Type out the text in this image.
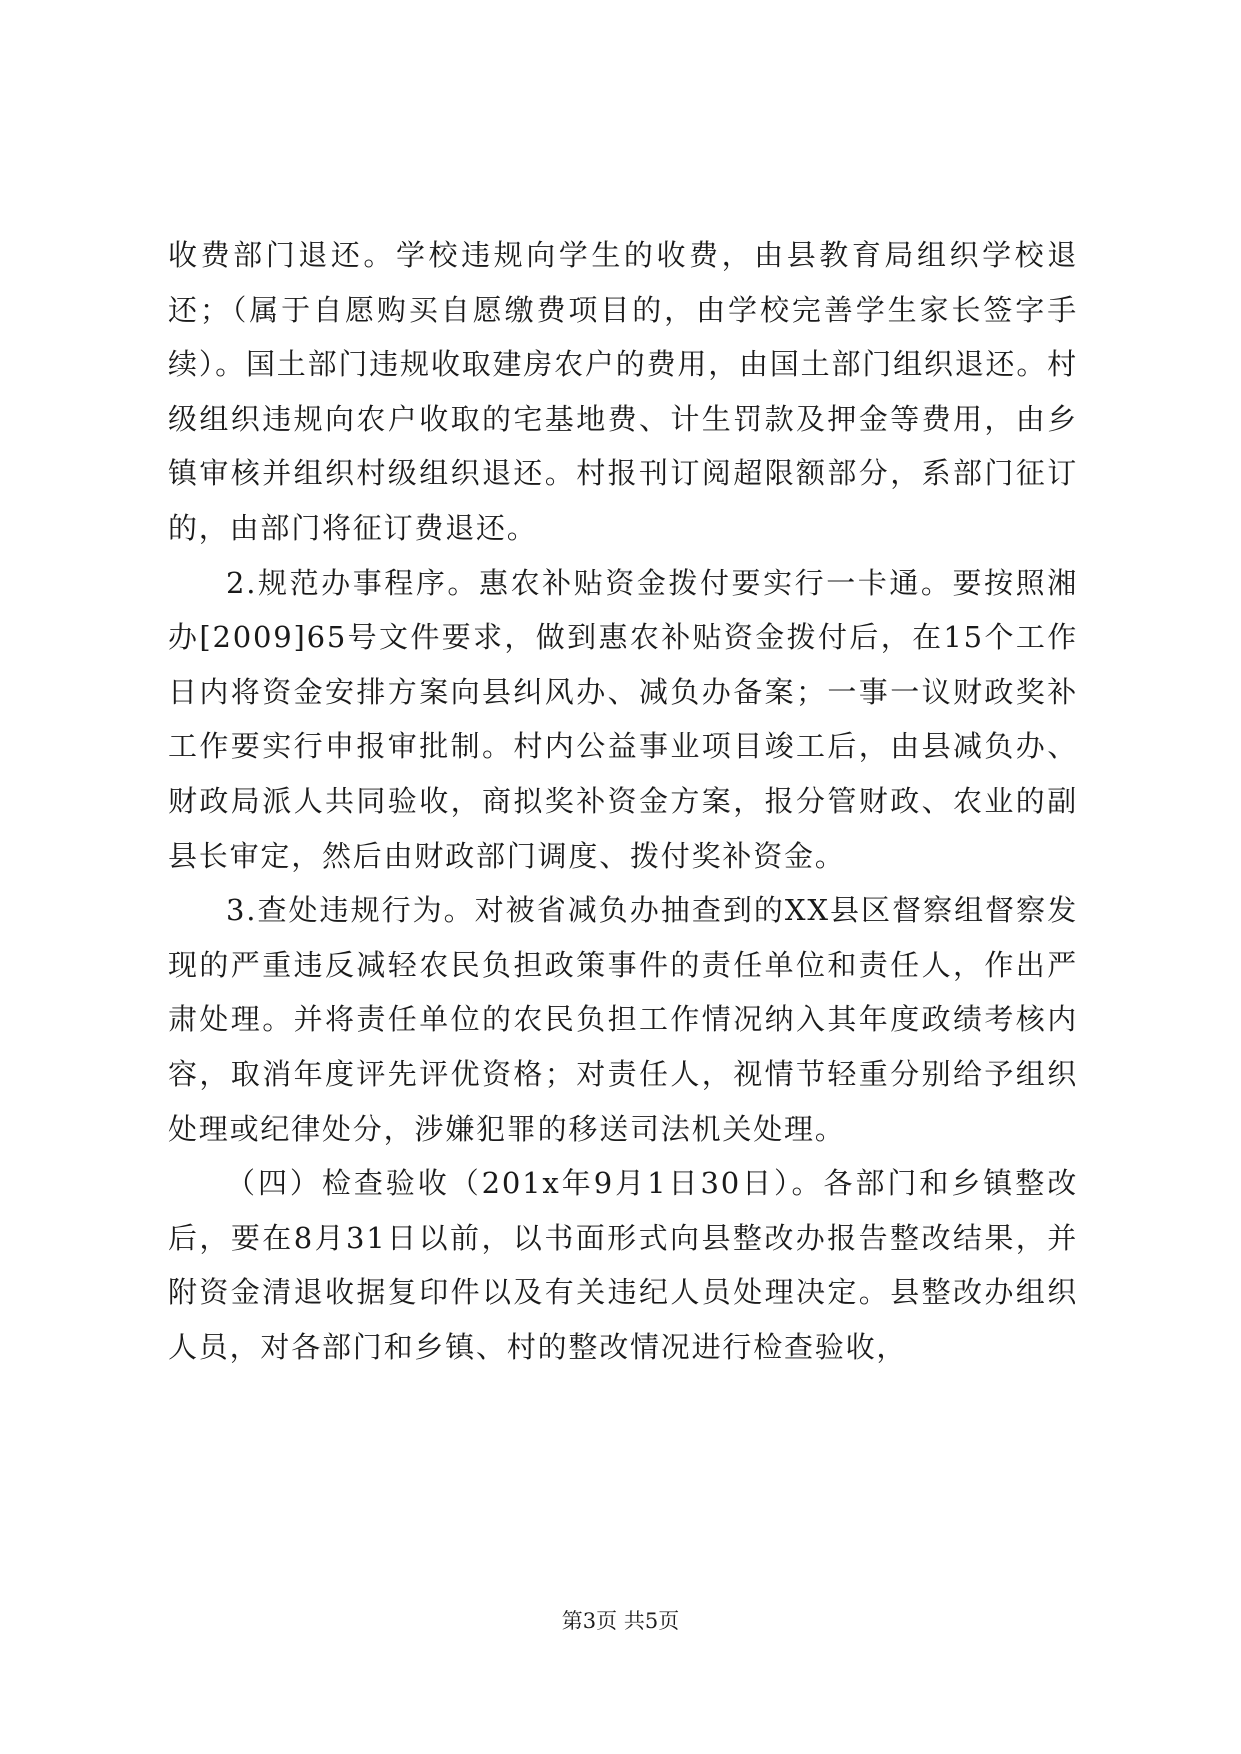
收费部门退还。学校违规向学生的收费，由县教育局组织学校退还；（属于自愿购买自愿缴费项目的，由学校完善学生家长签字手续）。国土部门违规收取建房农户的费用，由国土部门组织退还。村级组织违规向农户收取的宅基地费、计生罚款及押金等费用，由乡镇审核并组织村级组织退还。村报刊订阅超限额部分，系部门征订的，由部门将征订费退还。

2.规范办事程序。惠农补贴资金拨付要实行一卡通。要按照湘办[2009]65号文件要求，做到惠农补贴资金拨付后，在15个工作日内将资金安排方案向县纠风办、减负办备案；一事一议财政奖补工作要实行申报审批制。村内公益事业项目竣工后，由县减负办、财政局派人共同验收，商拟奖补资金方案，报分管财政、农业的副县长审定，然后由财政部门调度、拨付奖补资金。

3.查处违规行为。对被省减负办抽查到的XX县区督察组督察发现的严重违反减轻农民负担政策事件的责任单位和责任人，作出严肃处理。并将责任单位的农民负担工作情况纳入其年度政绩考核内容，取消年度评先评优资格；对责任人，视情节轻重分别给予组织处理或纪律处分，涉嫌犯罪的移送司法机关处理。

（四）检查验收（201x年9月1日30日）。各部门和乡镇整改后，要在8月31日以前，以书面形式向县整改办报告整改结果，并附资金清退收据复印件以及有关违纪人员处理决定。县整改办组织人员，对各部门和乡镇、村的整改情况进行检查验收，

第3页 共5页
